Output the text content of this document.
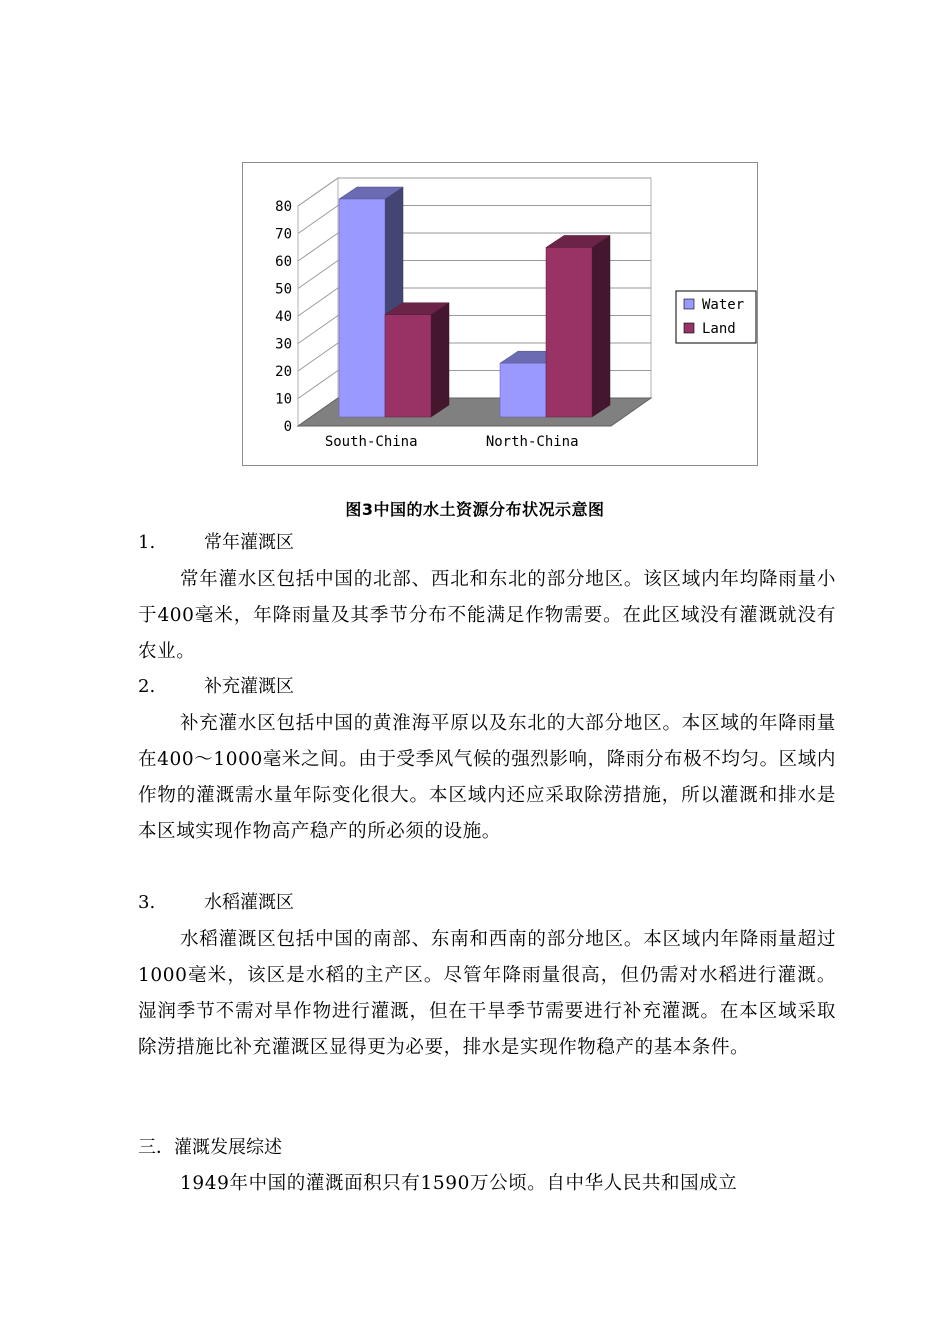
0
10
20
30
40
50
60
70
80
South-China	North-China
Water
Land
图3中国的水土资源分布状况示意图
1.	常年灌溉区

常年灌水区包括中国的北部、西北和东北的部分地区。该区域内年均降雨量小于400毫米，年降雨量及其季节分布不能满足作物需要。在此区域没有灌溉就没有农业。

2.	补充灌溉区

补充灌水区包括中国的黄淮海平原以及东北的大部分地区。本区域的年降雨量在400～1000毫米之间。由于受季风气候的强烈影响，降雨分布极不均匀。区域内作物的灌溉需水量年际变化很大。本区域内还应采取除涝措施，所以灌溉和排水是本区域实现作物高产稳产的所必须的设施。

3.	水稻灌溉区

水稻灌溉区包括中国的南部、东南和西南的部分地区。本区域内年降雨量超过1000毫米，该区是水稻的主产区。尽管年降雨量很高，但仍需对水稻进行灌溉。湿润季节不需对旱作物进行灌溉，但在干旱季节需要进行补充灌溉。在本区域采取除涝措施比补充灌溉区显得更为必要，排水是实现作物稳产的基本条件。

三．灌溉发展综述

1949年中国的灌溉面积只有1590万公顷。自中华人民共和国成立
